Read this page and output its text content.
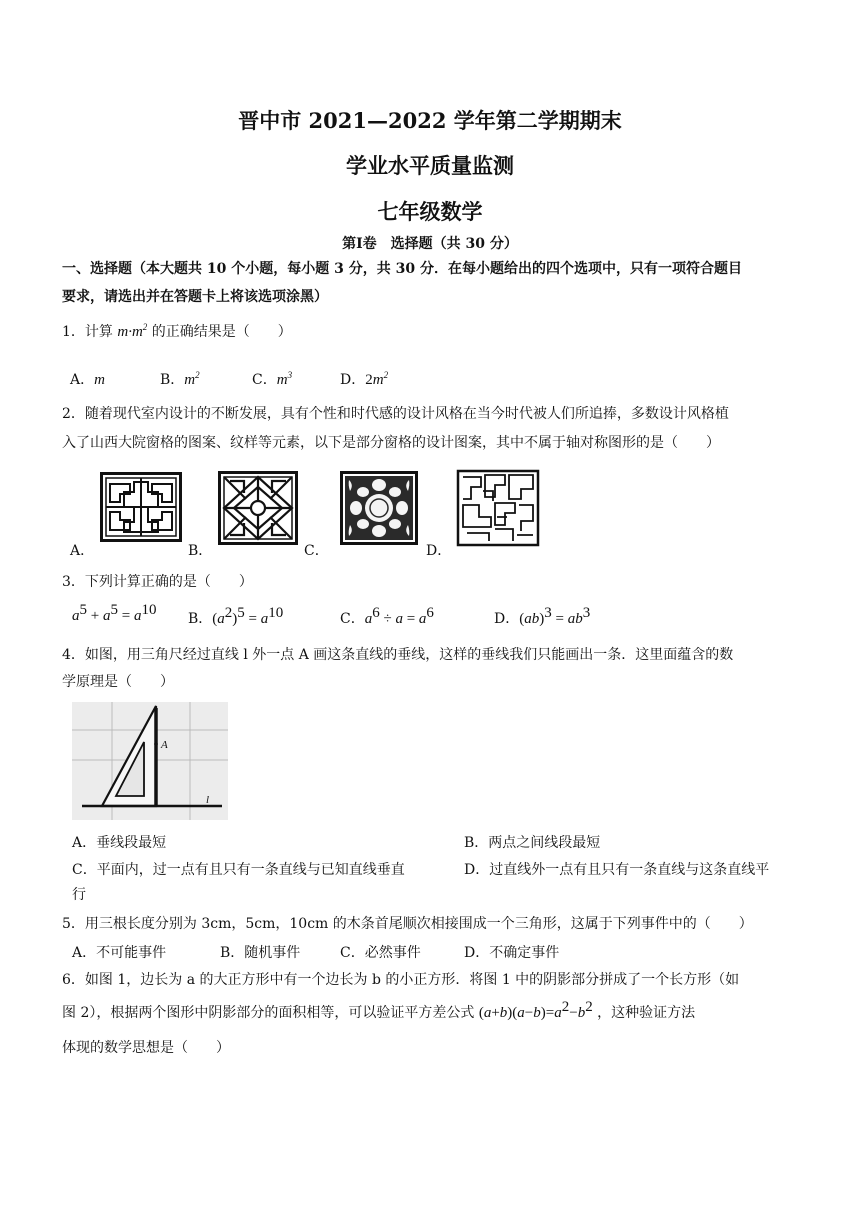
晋中市 2021—2022 学年第二学期期末
学业水平质量监测
七年级数学
第Ⅰ卷　选择题（共 30 分）
一、选择题（本大题共 10 个小题，每小题 3 分，共 30 分．在每小题给出的四个选项中，只有一项符合题目
要求，请选出并在答题卡上将该选项涂黑）
1．计算 $m\cdot m^2$ 的正确结果是（　　）
A．m	B．$m^2$	C．$m^3$	D．$2m^2$
2．随着现代室内设计的不断发展，具有个性和时代感的设计风格在当今时代被人们所追捧，多数设计风格植
入了山西大院窗格的图案、纹样等元素，以下是部分窗格的设计图案，其中不属于轴对称图形的是（　　）
A．	B．	C．	D．
3．下列计算正确的是（　　）
$a^5 + a^5 = a^{10}$
B．$(a^2)^5 = a^{10}$	C．$a^6 \div a = a^6$	D．$(ab)^3 = ab^3$
4．如图，用三角尺经过直线 l 外一点 A 画这条直线的垂线，这样的垂线我们只能画出一条．这里面蕴含的数
学原理是（　　）
A
l
A．垂线段最短	B．两点之间线段最短
C．平面内，过一点有且只有一条直线与已知直线垂直	D．过直线外一点有且只有一条直线与这条直线平
行
5．用三根长度分别为 3cm，5cm，10cm 的木条首尾顺次相接围成一个三角形，这属于下列事件中的（　　）
A．不可能事件	B．随机事件	C．必然事件	D．不确定事件
6．如图 1，边长为 a 的大正方形中有一个边长为 b 的小正方形．将图 1 中的阴影部分拼成了一个长方形（如
图 2），根据两个图形中阴影部分的面积相等，可以验证平方差公式 $(a+b)(a-b)=a^2-b^2$ ，这种验证方法
体现的数学思想是（　　）
